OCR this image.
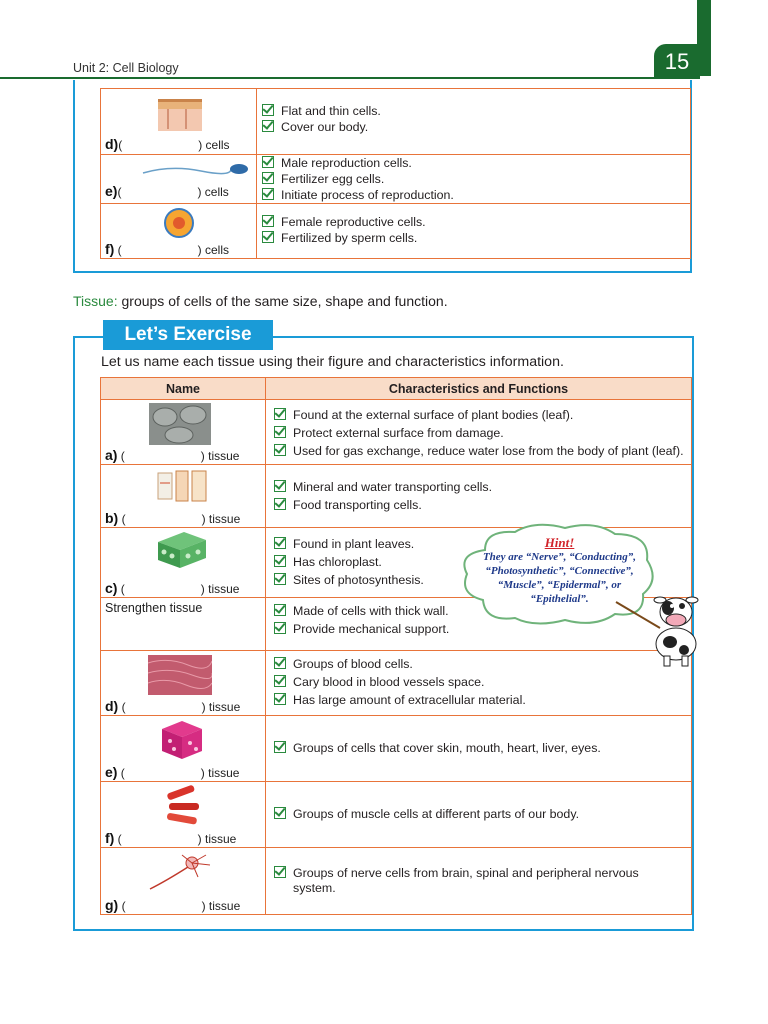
Unit 2: Cell Biology	15
d)( ) cells	Flat and thin cells.
Cover our body.

e)( ) cells	Male reproduction cells.
Fertilizer egg cells.
Initiate process of reproduction.

f) ( ) cells	Female reproductive cells.
Fertilized by sperm cells.
Tissue: groups of cells of the same size, shape and function.
Let’s Exercise
Let us name each tissue using their figure and characteristics information.
Name	Characteristics and Functions

a) ( ) tissue	Found at the external surface of plant bodies (leaf).
Protect external surface from damage.
Used for gas exchange, reduce water lose from the body of plant (leaf).

b) ( ) tissue	Mineral and water transporting cells.
Food transporting cells.

c) ( ) tissue	Found in plant leaves.
Has chloroplast.
Sites of photosynthesis.

Strengthen tissue	Made of cells with thick wall.
Provide mechanical support.

d) ( ) tissue	Groups of blood cells.
Cary blood in blood vessels space.
Has large amount of extracellular material.

e) ( ) tissue	Groups of cells that cover skin, mouth, heart, liver, eyes.

f) ( ) tissue	Groups of muscle cells at different parts of our body.

g) ( ) tissue	Groups of nerve cells from brain, spinal and peripheral nervous
system.
Hint!
They are “Nerve”, “Conducting”,
“Photosynthetic”, “Connective”,
“Muscle”, “Epidermal”, or
“Epithelial”.
